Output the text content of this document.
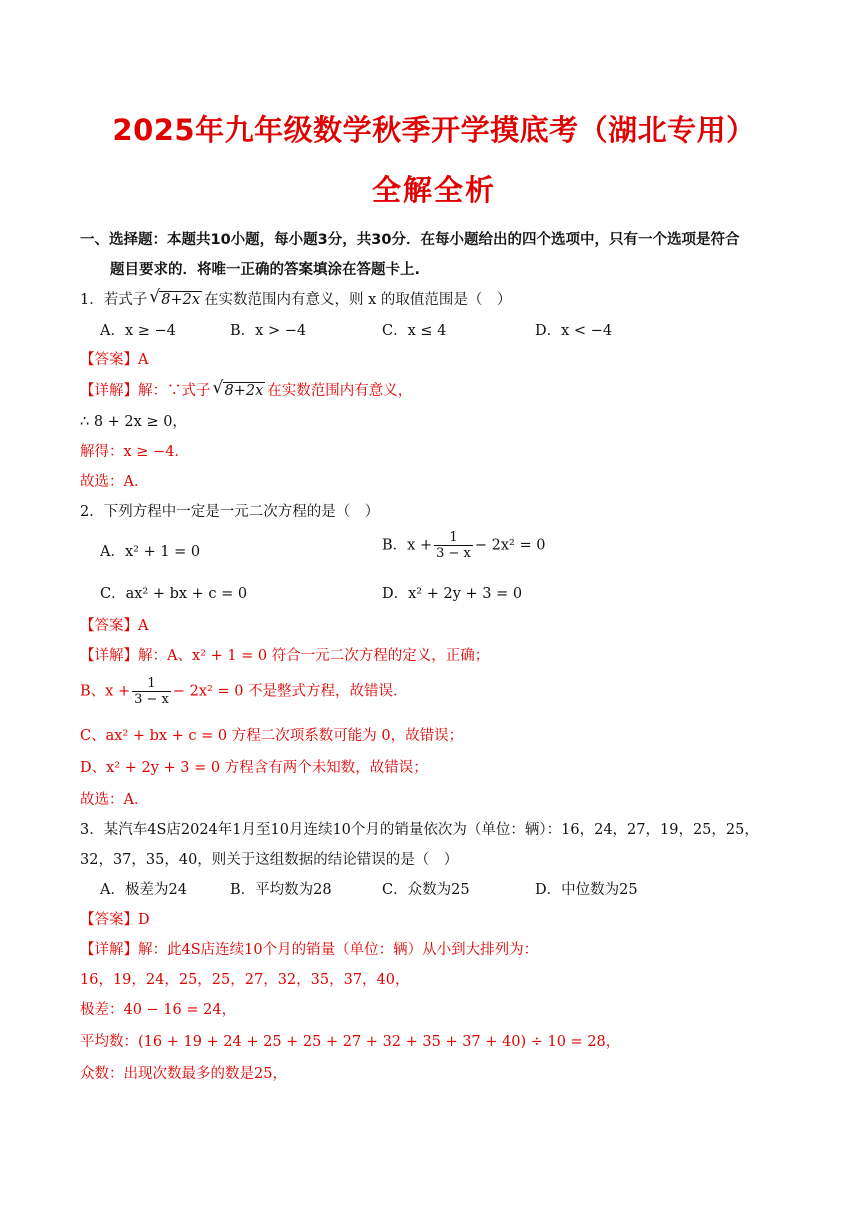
2025年九年级数学秋季开学摸底考（湖北专用）
全解全析
一、选择题：本题共10小题，每小题3分，共30分．在每小题给出的四个选项中，只有一个选项是符合
题目要求的．将唯一正确的答案填涂在答题卡上.
1．若式子 √ 8+2x 在实数范围内有意义，则 x 的取值范围是（　）
A．x ≥ −4	B．x > −4	C．x ≤ 4	D．x < −4
【答案】A
【详解】解：∵式子 √ 8+2x 在实数范围内有意义，
∴ 8 + 2x ≥ 0，
解得：x ≥ −4．
故选：A．
2．下列方程中一定是一元二次方程的是（　）
A．x² + 1 = 0	B．$x + \frac{1}{3 - x} - 2x^2 = 0$
C．ax² + bx + c = 0	D．x² + 2y + 3 = 0
【答案】A
【详解】解：A、x² + 1 = 0 符合一元二次方程的定义，正确；
B、$x + \frac{1}{3 - x} - 2x^2 = 0$ 不是整式方程，故错误．
C、ax² + bx + c = 0 方程二次项系数可能为 0，故错误；
D、x² + 2y + 3 = 0 方程含有两个未知数，故错误；
故选：A．
3．某汽车4S店2024年1月至10月连续10个月的销量依次为（单位：辆）：16，24，27，19，25，25，
32，37，35，40，则关于这组数据的结论错误的是（　）
A．极差为24	B．平均数为28	C．众数为25	D．中位数为25
【答案】D
【详解】解：此4S店连续10个月的销量（单位：辆）从小到大排列为：
16，19，24，25，25，27，32，35，37，40，
极差：40 − 16 = 24，
平均数：(16 + 19 + 24 + 25 + 25 + 27 + 32 + 35 + 37 + 40) ÷ 10 = 28，
众数：出现次数最多的数是25，
